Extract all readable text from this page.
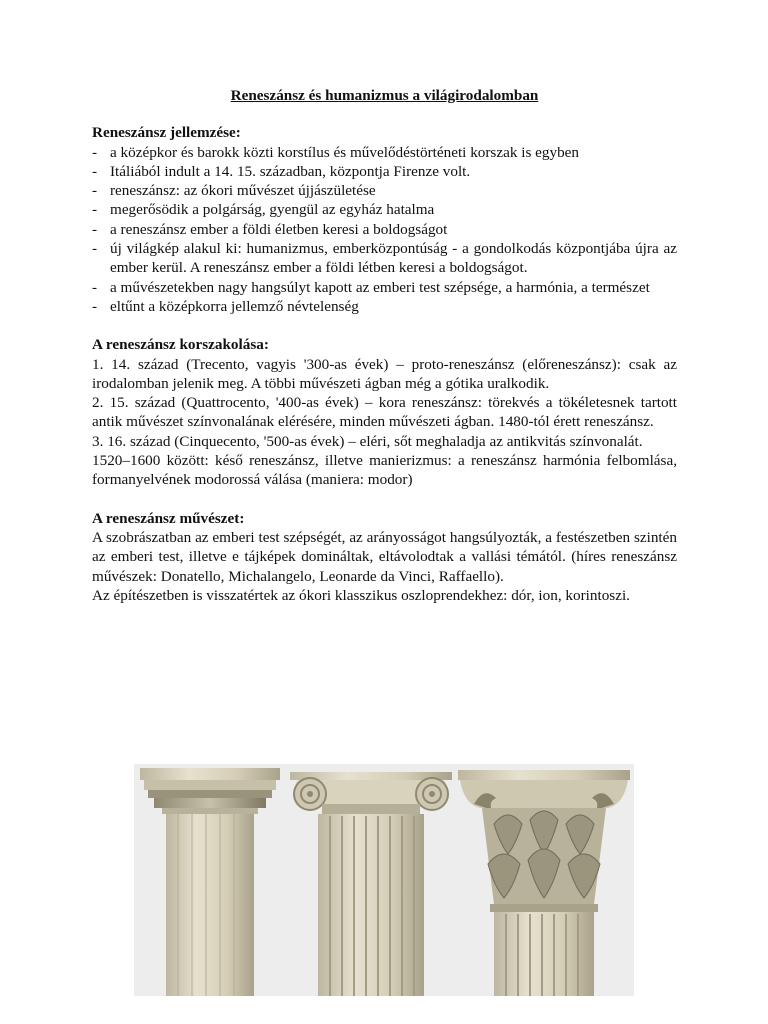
Reneszánsz és humanizmus a világirodalomban
Reneszánsz jellemzése:
- a középkor és barokk közti korstílus és művelődéstörténeti korszak is egyben
- Itáliából indult a 14. 15. században, központja Firenze volt.
- reneszánsz: az ókori művészet újjászületése
- megerősödik a polgárság, gyengül az egyház hatalma
- a reneszánsz ember a földi életben keresi a boldogságot
- új világkép alakul ki: humanizmus, emberközpontúság - a gondolkodás központjába újra az ember kerül. A reneszánsz ember a földi létben keresi a boldogságot.
- a művészetekben nagy hangsúlyt kapott az emberi test szépsége, a harmónia, a természet
- eltűnt a középkorra jellemző névtelenség
A reneszánsz korszakolása:

1. 14. század (Trecento, vagyis '300-as évek) – proto-reneszánsz (előreneszánsz): csak az irodalomban jelenik meg. A többi művészeti ágban még a gótika uralkodik.

2. 15. század (Quattrocento, '400-as évek) – kora reneszánsz: törekvés a tökéletesnek tartott antik művészet színvonalának elérésére, minden művészeti ágban. 1480-tól érett reneszánsz.

3. 16. század (Cinquecento, '500-as évek) – eléri, sőt meghaladja az antikvitás színvonalát.

1520–1600 között: késő reneszánsz, illetve manierizmus: a reneszánsz harmónia felbomlása, formanyelvének modorossá válása (maniera: modor)

A reneszánsz művészet:

A szobrászatban az emberi test szépségét, az arányosságot hangsúlyozták, a festészetben szintén az emberi test, illetve e tájképek domináltak, eltávolodtak a vallási témától. (híres reneszánsz művészek: Donatello, Michalangelo, Leonarde da Vinci, Raffaello).

Az építészetben is visszatértek az ókori klasszikus oszloprendekhez: dór, ion, korintoszi.
